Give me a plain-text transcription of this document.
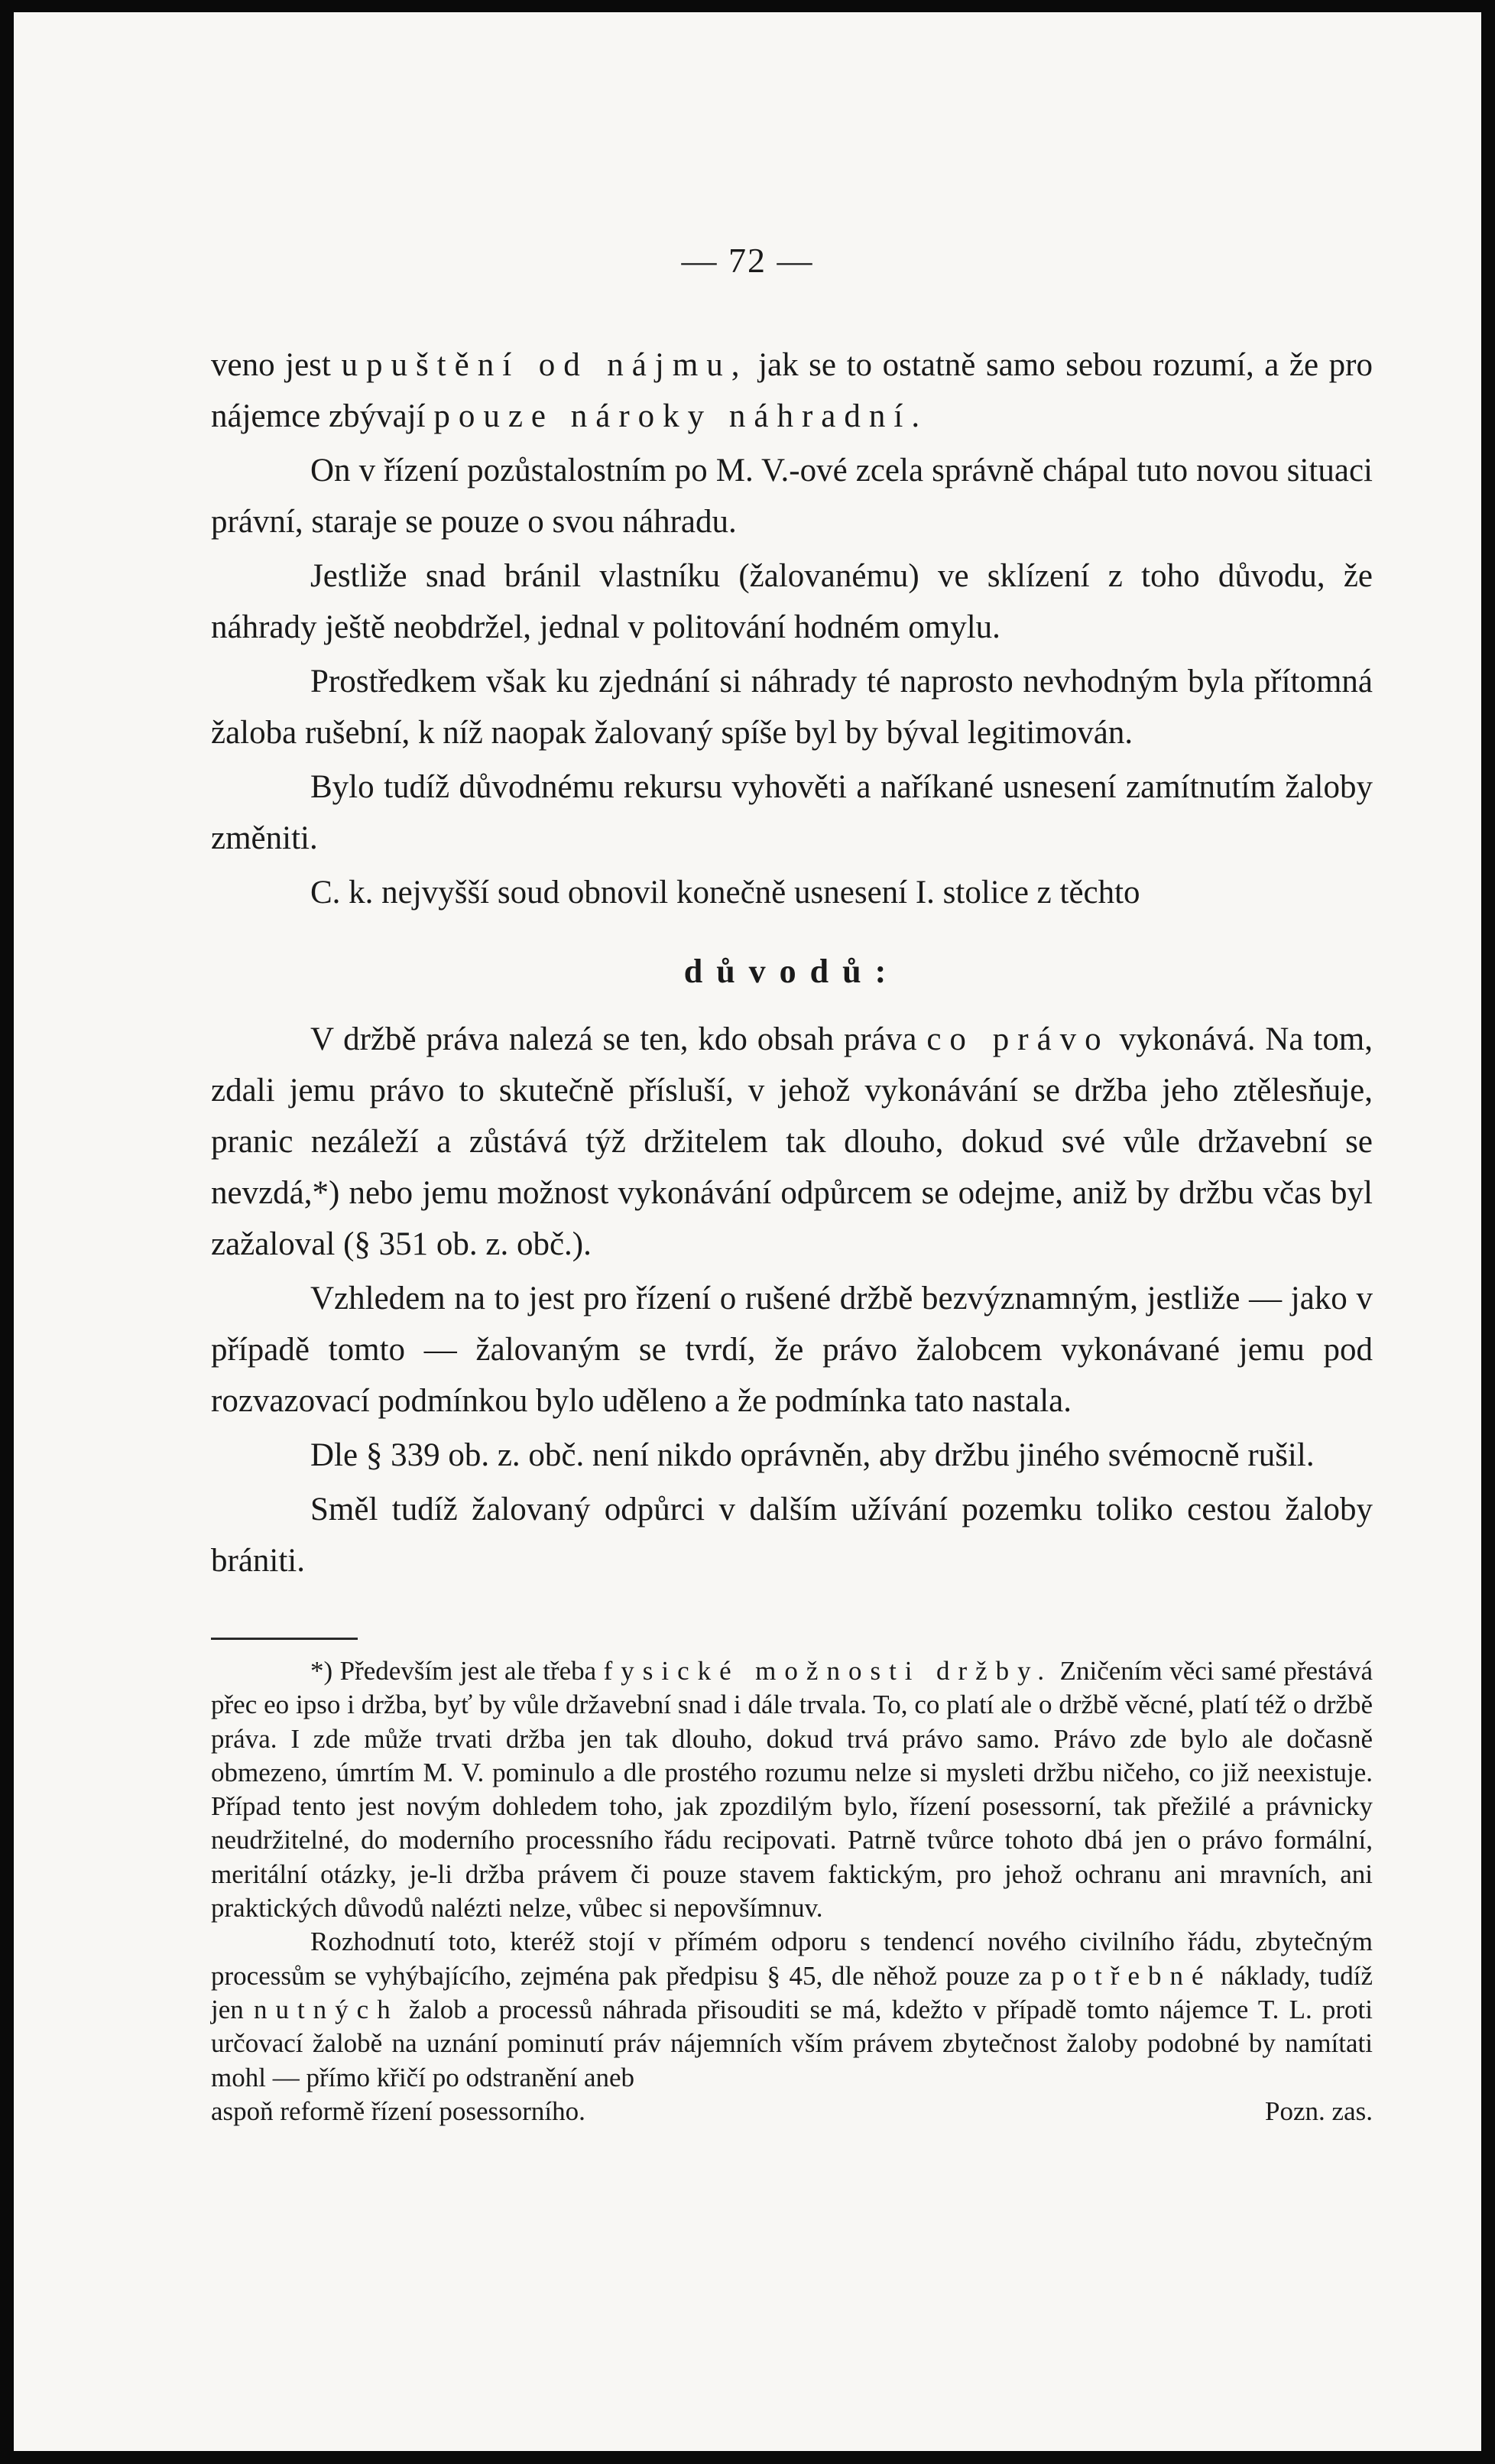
— 72 —

veno jest upuštění od nájmu, jak se to ostatně samo sebou rozumí, a že pro nájemce zbývají pouze nároky náhradní.

On v řízení pozůstalostním po M. V.-ové zcela správně chápal tuto novou situaci právní, staraje se pouze o svou náhradu.

Jestliže snad bránil vlastníku (žalovanému) ve sklízení z toho důvodu, že náhrady ještě neobdržel, jednal v politování hodném omylu.

Prostředkem však ku zjednání si náhrady té naprosto nevhodným byla přítomná žaloba rušební, k níž naopak žalovaný spíše byl by býval legitimován.

Bylo tudíž důvodnému rekursu vyhověti a naříkané usnesení zamítnutím žaloby změniti.

C. k. nejvyšší soud obnovil konečně usnesení I. stolice z těchto

důvodů:

V držbě práva nalezá se ten, kdo obsah práva co právo vykonává. Na tom, zdali jemu právo to skutečně přísluší, v jehož vykonávání se držba jeho ztělesňuje, pranic nezáleží a zůstává týž držitelem tak dlouho, dokud své vůle državební se nevzdá,*) nebo jemu možnost vykonávání odpůrcem se odejme, aniž by držbu včas byl zažaloval (§ 351 ob. z. obč.).

Vzhledem na to jest pro řízení o rušené držbě bezvýznamným, jestliže — jako v případě tomto — žalovaným se tvrdí, že právo žalobcem vykonávané jemu pod rozvazovací podmínkou bylo uděleno a že podmínka tato nastala.

Dle § 339 ob. z. obč. není nikdo oprávněn, aby držbu jiného svémocně rušil.

Směl tudíž žalovaný odpůrci v dalším užívání pozemku toliko cestou žaloby brániti.

*) Především jest ale třeba fysické možnosti držby. Zničením věci samé přestává přec eo ipso i držba, byť by vůle državební snad i dále trvala. To, co platí ale o držbě věcné, platí též o držbě práva. I zde může trvati držba jen tak dlouho, dokud trvá právo samo. Právo zde bylo ale dočasně obmezeno, úmrtím M. V. pominulo a dle prostého rozumu nelze si mysleti držbu ničeho, co již neexistuje. Případ tento jest novým dohledem toho, jak zpozdilým bylo, řízení posessorní, tak přežilé a právnicky neudržitelné, do moderního processního řádu recipovati. Patrně tvůrce tohoto dbá jen o právo formální, meritální otázky, je-li držba právem či pouze stavem faktickým, pro jehož ochranu ani mravních, ani praktických důvodů nalézti nelze, vůbec si nepovšímnuv.

Rozhodnutí toto, kteréž stojí v přímém odporu s tendencí nového civilního řádu, zbytečným processům se vyhýbajícího, zejména pak předpisu § 45, dle něhož pouze za potřebné náklady, tudíž jen nutných žalob a processů náhrada přisouditi se má, kdežto v případě tomto nájemce T. L. proti určovací žalobě na uznání pominutí práv nájemních vším právem zbytečnost žaloby podobné by namítati mohl — přímo křičí po odstranění aneb

aspoň reformě řízení posessorního.	Pozn. zas.
